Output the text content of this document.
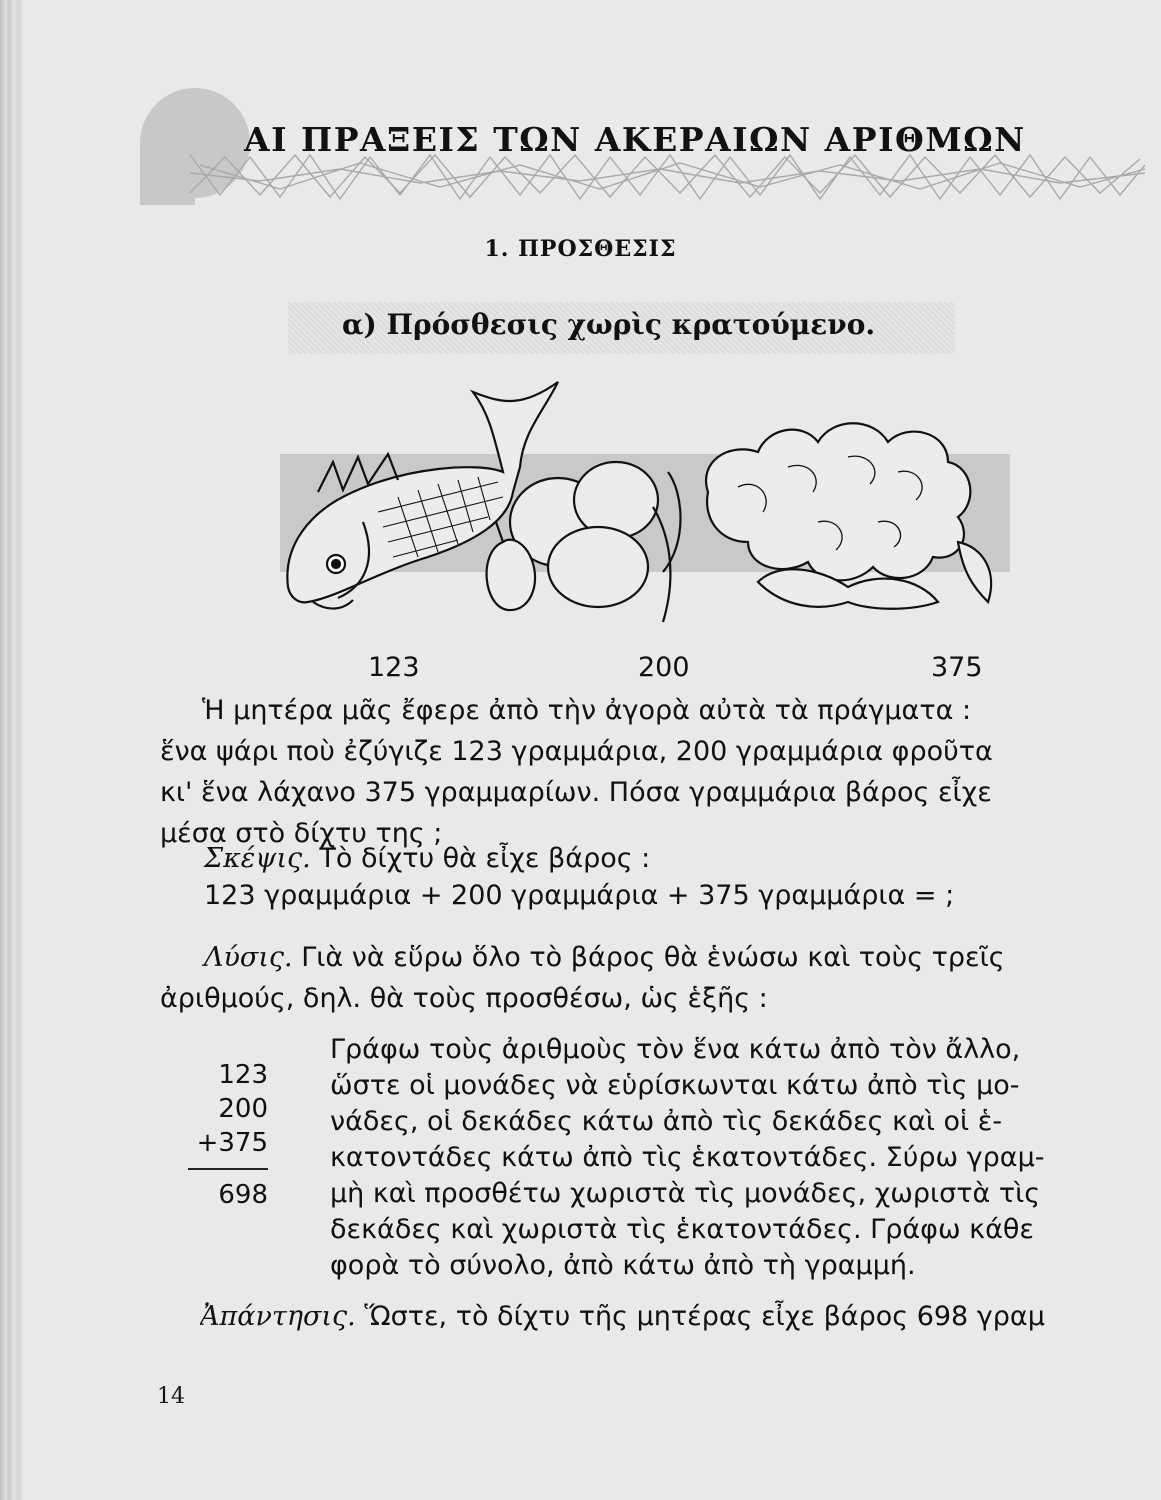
ΑΙ ΠΡΑΞΕΙΣ ΤΩΝ ΑΚΕΡΑΙΩΝ ΑΡΙΘΜΩΝ
1. ΠΡΟΣΘΕΣΙΣ
α) Πρόσθεσις χωρὶς κρατούμενο.
123	200	375

Ἡ μητέρα μᾶς ἔφερε ἀπὸ τὴν ἀγορὰ αὐτὰ τὰ πράγματα :
ἕνα ψάρι ποὺ ἐζύγιζε 123 γραμμάρια, 200 γραμμάρια φροῦτα
κι' ἕνα λάχανο 375 γραμμαρίων. Πόσα γραμμάρια βάρος εἶχε
μέσα στὸ δίχτυ της ;

Σκέψις. Τὸ δίχτυ θὰ εἶχε βάρος :

123 γραμμάρια + 200 γραμμάρια + 375 γραμμάρια = ;

Λύσις. Γιὰ νὰ εὕρω ὅλο τὸ βάρος θὰ ἑνώσω καὶ τοὺς τρεῖς
ἀριθμούς, δηλ. θὰ τοὺς προσθέσω, ὡς ἑξῆς :

123
200
+375
698

Γράφω τοὺς ἀριθμοὺς τὸν ἕνα κάτω ἀπὸ τὸν ἄλλο,
ὥστε οἱ μονάδες νὰ εὑρίσκωνται κάτω ἀπὸ τὶς μο-
νάδες, οἱ δεκάδες κάτω ἀπὸ τὶς δεκάδες καὶ οἱ ἑ-
κατοντάδες κάτω ἀπὸ τὶς ἑκατοντάδες. Σύρω γραμ-
μὴ καὶ προσθέτω χωριστὰ τὶς μονάδες, χωριστὰ τὶς
δεκάδες καὶ χωριστὰ τὶς ἑκατοντάδες. Γράφω κάθε
φορὰ τὸ σύνολο, ἀπὸ κάτω ἀπὸ τὴ γραμμή.

Ἀπάντησις. Ὥστε, τὸ δίχτυ τῆς μητέρας εἶχε βάρος 698 γραμ

14
